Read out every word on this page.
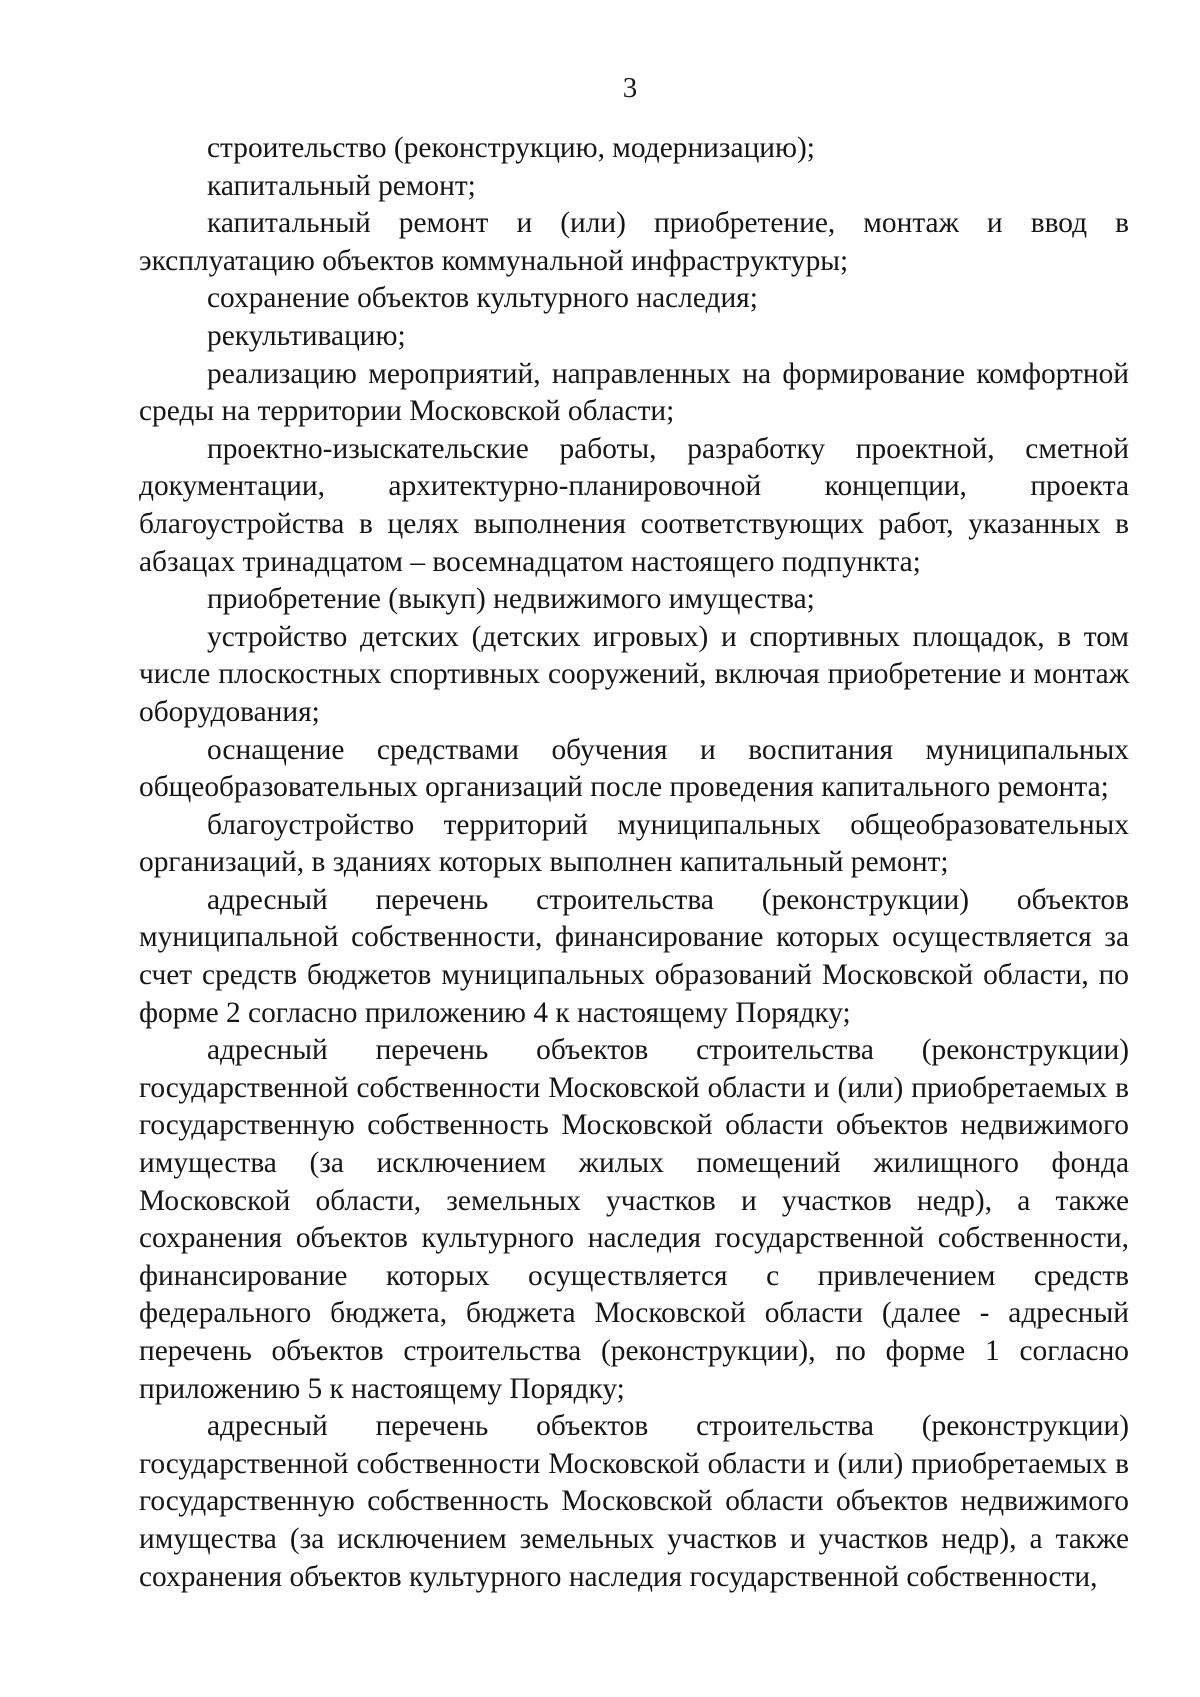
3

строительство (реконструкцию, модернизацию);

капитальный ремонт;

капитальный ремонт и (или) приобретение, монтаж и ввод в эксплуатацию объектов коммунальной инфраструктуры;

сохранение объектов культурного наследия;

рекультивацию;

реализацию мероприятий, направленных на формирование комфортной среды на территории Московской области;

проектно-изыскательские работы, разработку проектной, сметной документации, архитектурно-планировочной концепции, проекта благоустройства в целях выполнения соответствующих работ, указанных в абзацах тринадцатом – восемнадцатом настоящего подпункта;

приобретение (выкуп) недвижимого имущества;

устройство детских (детских игровых) и спортивных площадок, в том числе плоскостных спортивных сооружений, включая приобретение и монтаж оборудования;

оснащение средствами обучения и воспитания муниципальных общеобразовательных организаций после проведения капитального ремонта;

благоустройство территорий муниципальных общеобразовательных организаций, в зданиях которых выполнен капитальный ремонт;

адресный перечень строительства (реконструкции) объектов муниципальной собственности, финансирование которых осуществляется за счет средств бюджетов муниципальных образований Московской области, по форме 2 согласно приложению 4 к настоящему Порядку;

адресный перечень объектов строительства (реконструкции) государственной собственности Московской области и (или) приобретаемых в государственную собственность Московской области объектов недвижимого имущества (за исключением жилых помещений жилищного фонда Московской области, земельных участков и участков недр), а также сохранения объектов культурного наследия государственной собственности, финансирование которых осуществляется с привлечением средств федерального бюджета, бюджета Московской области (далее - адресный перечень объектов строительства (реконструкции), по форме 1 согласно приложению 5 к настоящему Порядку;

адресный перечень объектов строительства (реконструкции) государственной собственности Московской области и (или) приобретаемых в государственную собственность Московской области объектов недвижимого имущества (за исключением земельных участков и участков недр), а также сохранения объектов культурного наследия государственной собственности,
